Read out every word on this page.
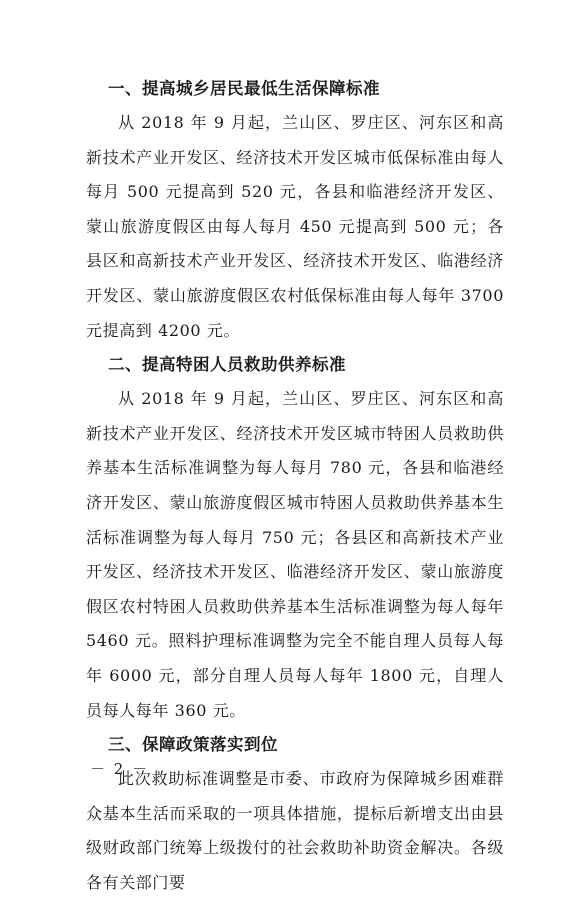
一、提高城乡居民最低生活保障标准

从 2018 年 9 月起，兰山区、罗庄区、河东区和高新技术产业开发区、经济技术开发区城市低保标准由每人每月 500 元提高到 520 元，各县和临港经济开发区、蒙山旅游度假区由每人每月 450 元提高到 500 元；各县区和高新技术产业开发区、经济技术开发区、临港经济开发区、蒙山旅游度假区农村低保标准由每人每年 3700 元提高到 4200 元。

二、提高特困人员救助供养标准

从 2018 年 9 月起，兰山区、罗庄区、河东区和高新技术产业开发区、经济技术开发区城市特困人员救助供养基本生活标准调整为每人每月 780 元，各县和临港经济开发区、蒙山旅游度假区城市特困人员救助供养基本生活标准调整为每人每月 750 元；各县区和高新技术产业开发区、经济技术开发区、临港经济开发区、蒙山旅游度假区农村特困人员救助供养基本生活标准调整为每人每年 5460 元。照料护理标准调整为完全不能自理人员每人每年 6000 元，部分自理人员每人每年 1800 元，自理人员每人每年 360 元。

三、保障政策落实到位

此次救助标准调整是市委、市政府为保障城乡困难群众基本生活而采取的一项具体措施，提标后新增支出由县级财政部门统筹上级拨付的社会救助补助资金解决。各级各有关部门要

－ 2 －
